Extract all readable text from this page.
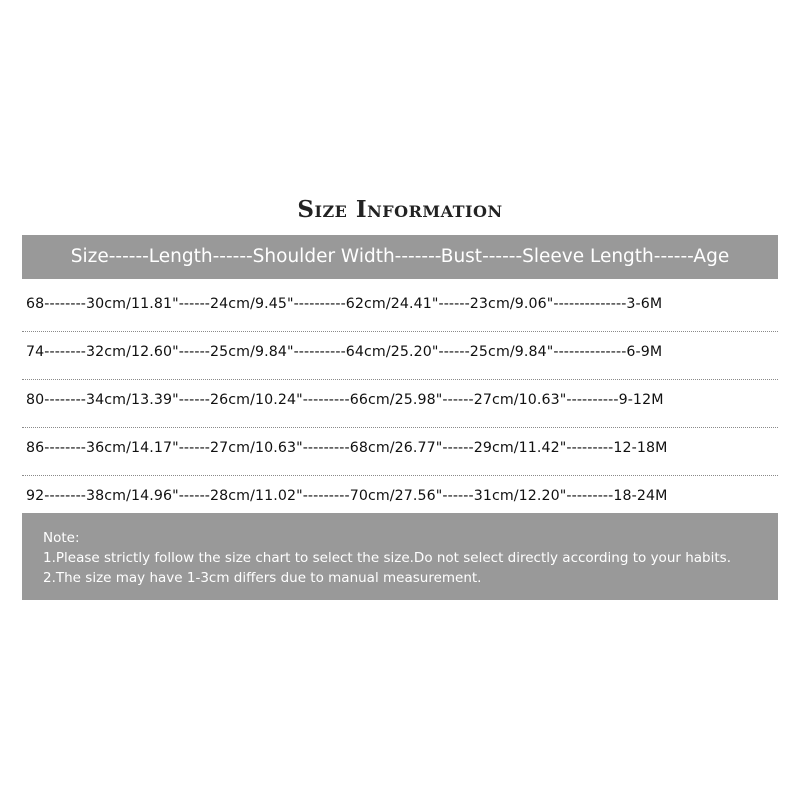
Size Information
Size------Length------Shoulder Width-------Bust------Sleeve Length------Age
68--------30cm/11.81"------24cm/9.45"----------62cm/24.41"------23cm/9.06"--------------3-6M
74--------32cm/12.60"------25cm/9.84"----------64cm/25.20"------25cm/9.84"--------------6-9M
80--------34cm/13.39"------26cm/10.24"---------66cm/25.98"------27cm/10.63"----------9-12M
86--------36cm/14.17"------27cm/10.63"---------68cm/26.77"------29cm/11.42"---------12-18M
92--------38cm/14.96"------28cm/11.02"---------70cm/27.56"------31cm/12.20"---------18-24M
Note:
1.Please strictly follow the size chart to select the size.Do not select directly according to your habits.
2.The size may have 1-3cm differs due to manual measurement.
